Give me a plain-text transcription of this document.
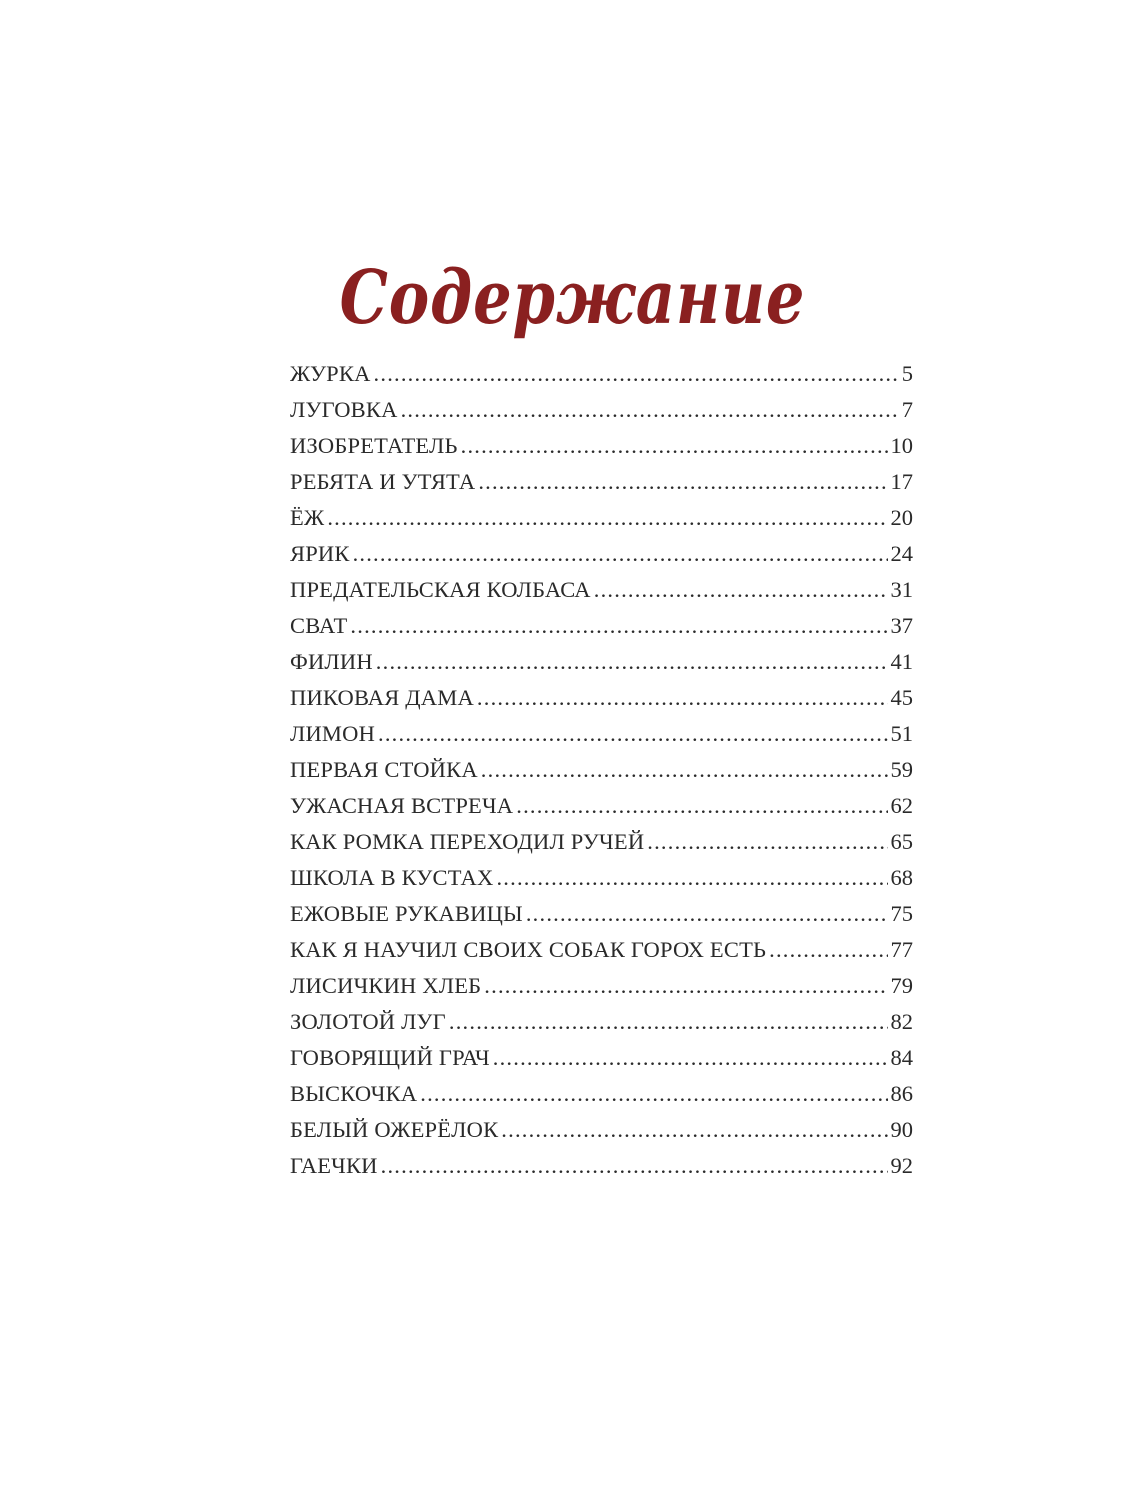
Содержание
ЖУРКА .....	5
ЛУГОВКА .....	7
ИЗОБРЕТАТЕЛЬ .....	10
РЕБЯТА И УТЯТА .....	17
ЁЖ .....	20
ЯРИК .....	24
ПРЕДАТЕЛЬСКАЯ КОЛБАСА .....	31
СВАТ .....	37
ФИЛИН .....	41
ПИКОВАЯ ДАМА .....	45
ЛИМОН .....	51
ПЕРВАЯ СТОЙКА .....	59
УЖАСНАЯ ВСТРЕЧА .....	62
КАК РОМКА ПЕРЕХОДИЛ РУЧЕЙ .....	65
ШКОЛА В КУСТАХ .....	68
ЕЖОВЫЕ РУКАВИЦЫ .....	75
КАК Я НАУЧИЛ СВОИХ СОБАК ГОРОХ ЕСТЬ .....	77
ЛИСИЧКИН ХЛЕБ .....	79
ЗОЛОТОЙ ЛУГ .....	82
ГОВОРЯЩИЙ ГРАЧ .....	84
ВЫСКОЧКА .....	86
БЕЛЫЙ ОЖЕРЁЛОК .....	90
ГАЕЧКИ .....	92
